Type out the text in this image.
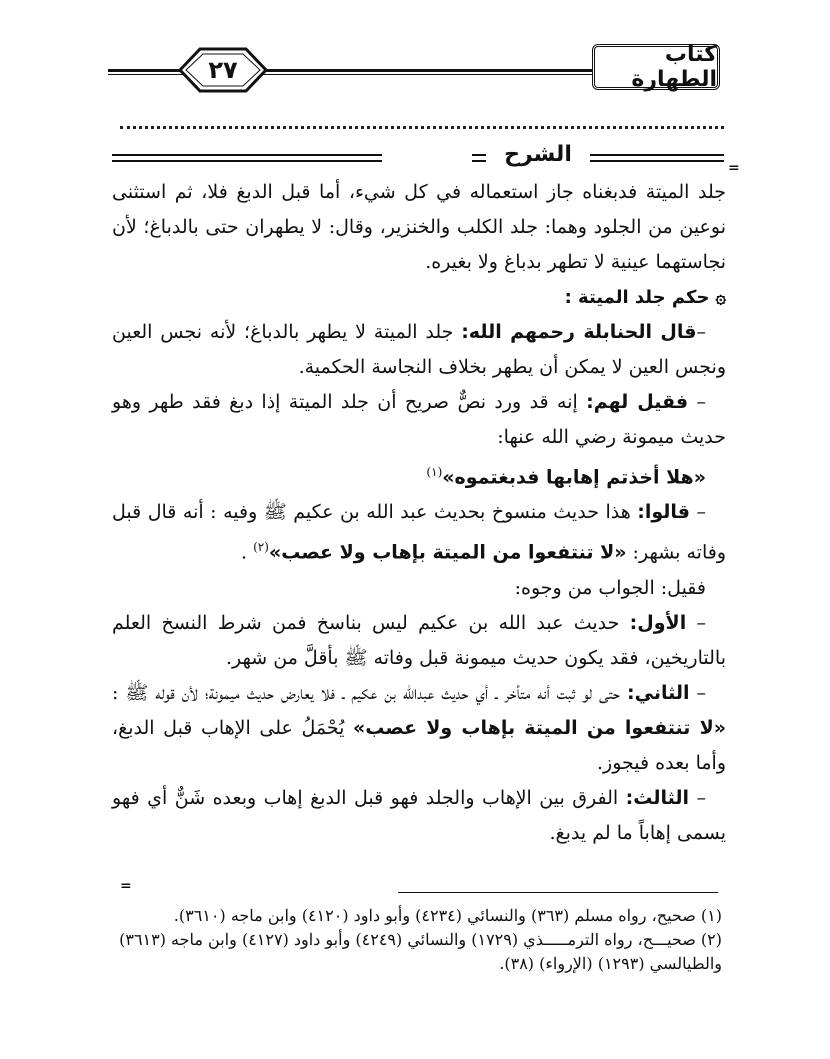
كتاب الطهارة
٢٧
الشرح
=

جلد الميتة فدبغناه جاز استعماله في كل شيء، أما قبل الدبغ فلا، ثم استثنى نوعين من الجلود وهما: جلد الكلب والخنزير، وقال: لا يطهران حتى بالدباغ؛ لأن نجاستهما عينية لا تطهر بدباغ ولا بغيره.

۞حكم جلد الميتة :

–قال الحنابلة رحمهم الله: جلد الميتة لا يطهر بالدباغ؛ لأنه نجس العين ونجس العين لا يمكن أن يطهر بخلاف النجاسة الحكمية.

– فقيل لهم: إنه قد ورد نصٌّ صريح أن جلد الميتة إذا دبغ فقد طهر وهو حديث ميمونة رضي الله عنها:

«هلا أخذتم إهابها فدبغتموه»$^{(١)}$

– قالوا: هذا حديث منسوخ بحديث عبد الله بن عكيم ﷺ وفيه : أنه قال قبل وفاته بشهر: «لا تنتفعوا من الميتة بإهاب ولا عصب»$^{(٢)}$ .

فقيل: الجواب من وجوه:

– الأول: حديث عبد الله بن عكيم ليس بناسخ فمن شرط النسخ العلم بالتاريخين، فقد يكون حديث ميمونة قبل وفاته ﷺ بأقلَّ من شهر.

– الثاني: حتى لو ثبت أنه متأخر ـ أي حديث عبدالله بن عكيم ـ فلا يعارض حديث ميمونة؛ لأن قوله ﷺ : «لا تنتفعوا من الميتة بإهاب ولا عصب» يُحْمَلُ على الإهاب قبل الدبغ، وأما بعده فيجوز.

– الثالث: الفرق بين الإهاب والجلد فهو قبل الدبغ إهاب وبعده شَنٌّ أي فهو يسمى إهاباً ما لم يدبغ.

=

(١) صحيح، رواه مسلم (٣٦٣) والنسائي (٤٢٣٤) وأبو داود (٤١٢٠) وابن ماجه (٣٦١٠).

(٢) صحيـــح، رواه الترمـــــذي (١٧٢٩) والنسائي (٤٢٤٩) وأبو داود (٤١٢٧) وابن ماجه (٣٦١٣) والطيالسي (١٢٩٣) (الإرواء) (٣٨).
